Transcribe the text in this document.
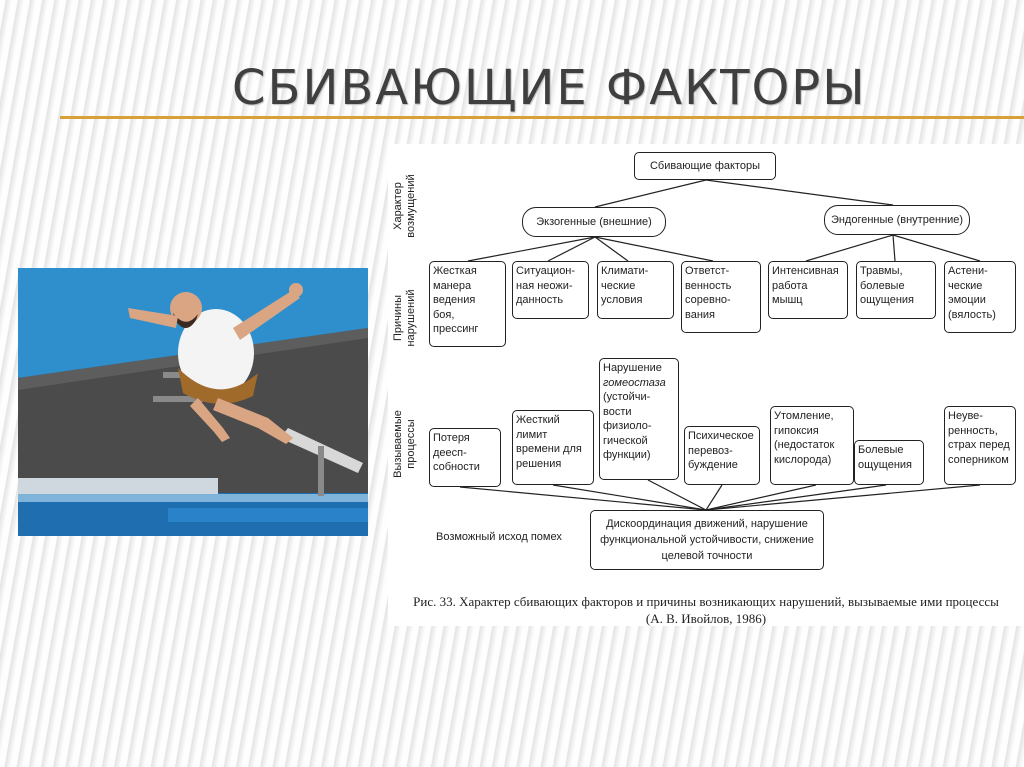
СБИВАЮЩИЕ ФАКТОРЫ
Характер возмущений
Причины нарушений
Вызываемые процессы
Сбивающие факторы
Экзогенные (внешние)	Эндогенные (внутренние)
Жесткая
манера
ведения
боя,
прессинг
Ситуацион-
ная неожи-
данность
Климати-
ческие
условия
Ответст-
венность
соревно-
вания
Интенсивная
работа
мышц
Травмы,
болевые
ощущения
Астени-
ческие
эмоции
(вялость)
Потеря
деесп-
собности
Жесткий
лимит
времени для
решения
Нарушение
гомеостаза
(устойчи-
вости
физиоло-
гической
функции)
Психическое
перевоз-
буждение
Утомление,
гипоксия
(недостаток
кислорода)
Болевые
ощущения
Неуве-
ренность,
страх перед
соперником
Возможный исход помех
Дискоординация движений, нарушение
функциональной устойчивости, снижение
целевой точности
Рис. 33. Характер сбивающих факторов и причины возникающих нарушений, вызываемые ими процессы
(А. В. Ивойлов, 1986)
